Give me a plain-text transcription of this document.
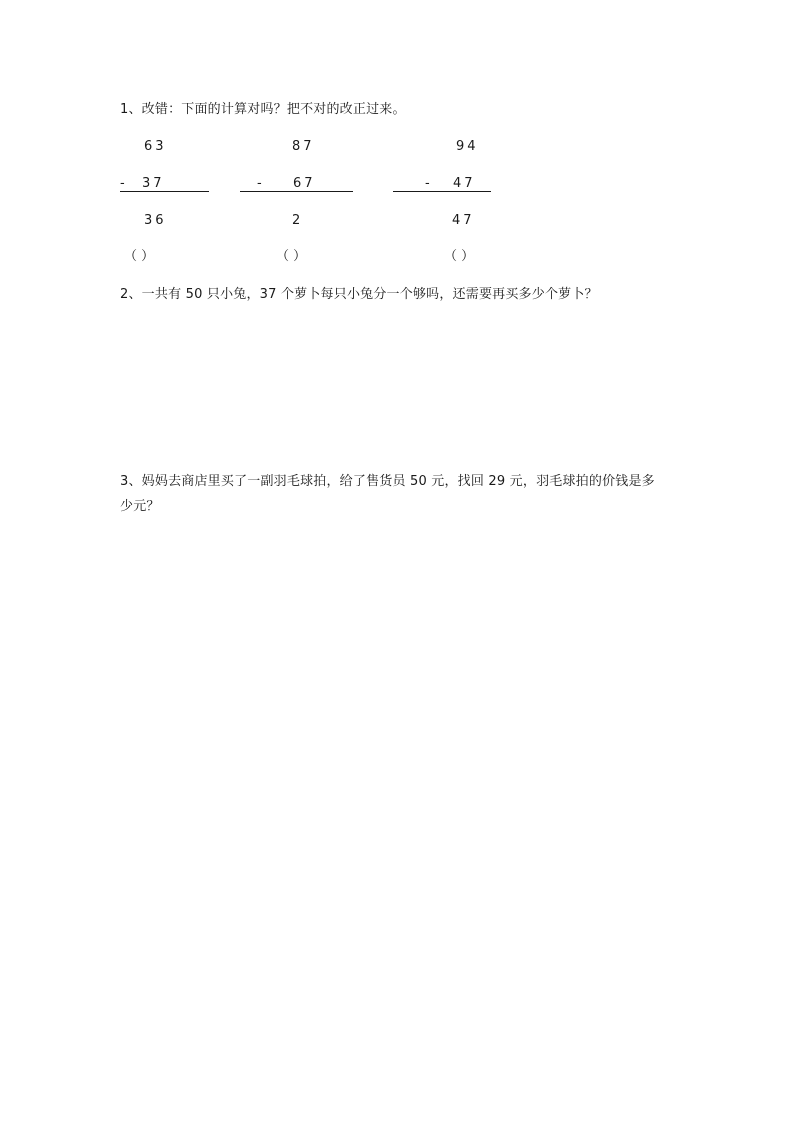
1、改错：下面的计算对吗？把不对的改正过来。
63
- 37
36
（ ）
87
- 67
2
（ ）
94
- 47
47
（ ）
2、一共有 50 只小兔，37 个萝卜每只小兔分一个够吗，还需要再买多少个萝卜？
3、妈妈去商店里买了一副羽毛球拍，给了售货员 50 元，找回 29 元，羽毛球拍的价钱是多
少元？
